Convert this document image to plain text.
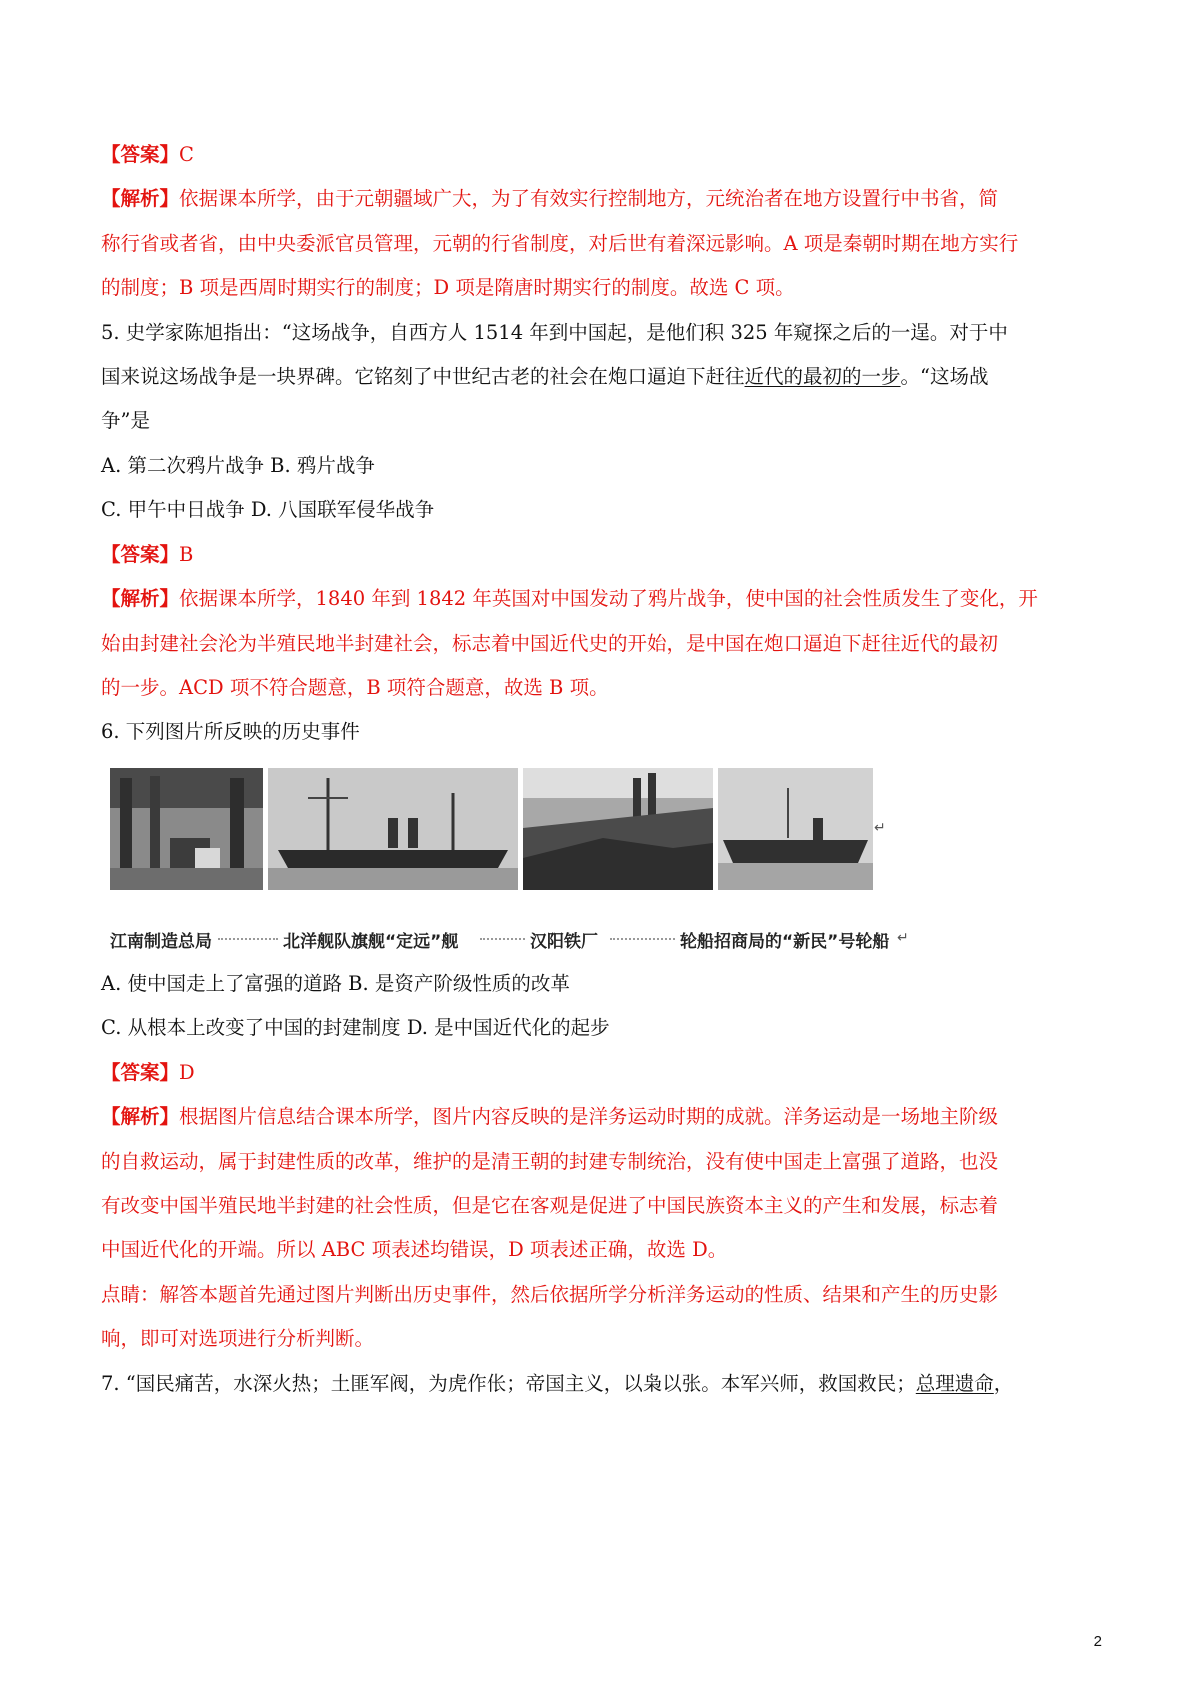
【答案】C
【解析】依据课本所学，由于元朝疆域广大，为了有效实行控制地方，元统治者在地方设置行中书省，简
称行省或者省，由中央委派官员管理，元朝的行省制度，对后世有着深远影响。A 项是秦朝时期在地方实行
的制度；B 项是西周时期实行的制度；D 项是隋唐时期实行的制度。故选 C 项。
5. 史学家陈旭指出：“这场战争，自西方人 1514 年到中国起，是他们积 325 年窥探之后的一逞。对于中
国来说这场战争是一块界碑。它铭刻了中世纪古老的社会在炮口逼迫下赶往近代的最初的一步。“这场战
争”是
A. 第二次鸦片战争 B. 鸦片战争
C. 甲午中日战争 D. 八国联军侵华战争
【答案】B
【解析】依据课本所学，1840 年到 1842 年英国对中国发动了鸦片战争，使中国的社会性质发生了变化，开
始由封建社会沦为半殖民地半封建社会，标志着中国近代史的开始，是中国在炮口逼迫下赶往近代的最初
的一步。ACD 项不符合题意，B 项符合题意，故选 B 项。
6. 下列图片所反映的历史事件
↵
江南制造总局	北洋舰队旗舰“定远”舰	汉阳铁厂	轮船招商局的“新民”号轮船 ↵
A. 使中国走上了富强的道路 B. 是资产阶级性质的改革
C. 从根本上改变了中国的封建制度 D. 是中国近代化的起步
【答案】D
【解析】根据图片信息结合课本所学，图片内容反映的是洋务运动时期的成就。洋务运动是一场地主阶级
的自救运动，属于封建性质的改革，维护的是清王朝的封建专制统治，没有使中国走上富强了道路，也没
有改变中国半殖民地半封建的社会性质，但是它在客观是促进了中国民族资本主义的产生和发展，标志着
中国近代化的开端。所以 ABC 项表述均错误，D 项表述正确，故选 D。
点睛：解答本题首先通过图片判断出历史事件，然后依据所学分析洋务运动的性质、结果和产生的历史影
响，即可对选项进行分析判断。
7. “国民痛苦，水深火热；土匪军阀，为虎作伥；帝国主义，以枭以张。本军兴师，救国救民；总理遗命，
2
